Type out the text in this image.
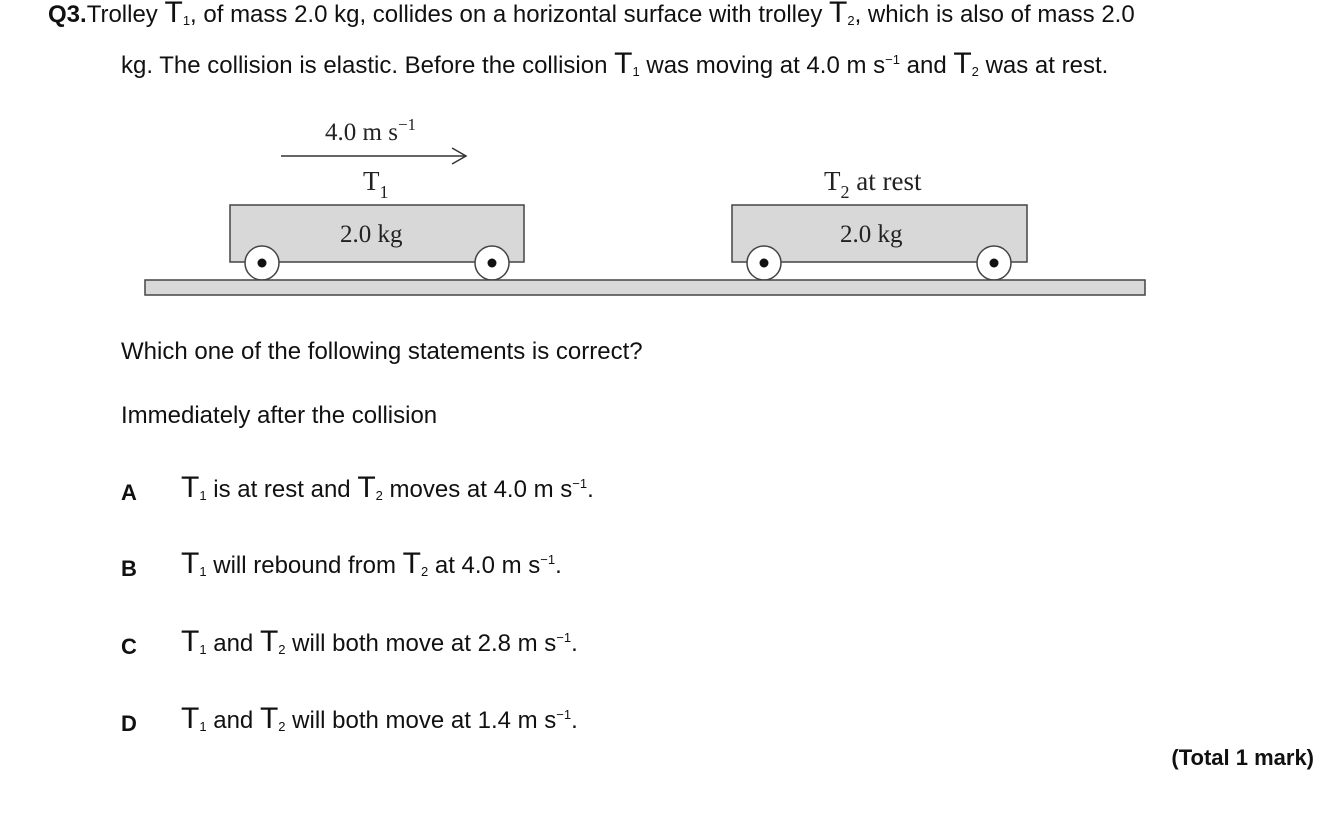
Q3.Trolley $T_1$, of mass 2.0 kg, collides on a horizontal surface with trolley $T_2$, which is also of mass 2.0
kg. The collision is elastic. Before the collision $T_1$ was moving at 4.0 m $s^{-1}$ and $T_2$ was at rest.
4.0 m $s^{-1}$
$T_1$
2.0 kg
$T_2$ at rest
2.0 kg
Which one of the following statements is correct?
Immediately after the collision
A $T_1$ is at rest and $T_2$ moves at 4.0 m $s^{-1}$.
B $T_1$ will rebound from $T_2$ at 4.0 m $s^{-1}$.
C $T_1$ and $T_2$ will both move at 2.8 m $s^{-1}$.
D $T_1$ and $T_2$ will both move at 1.4 m $s^{-1}$.
(Total 1 mark)
